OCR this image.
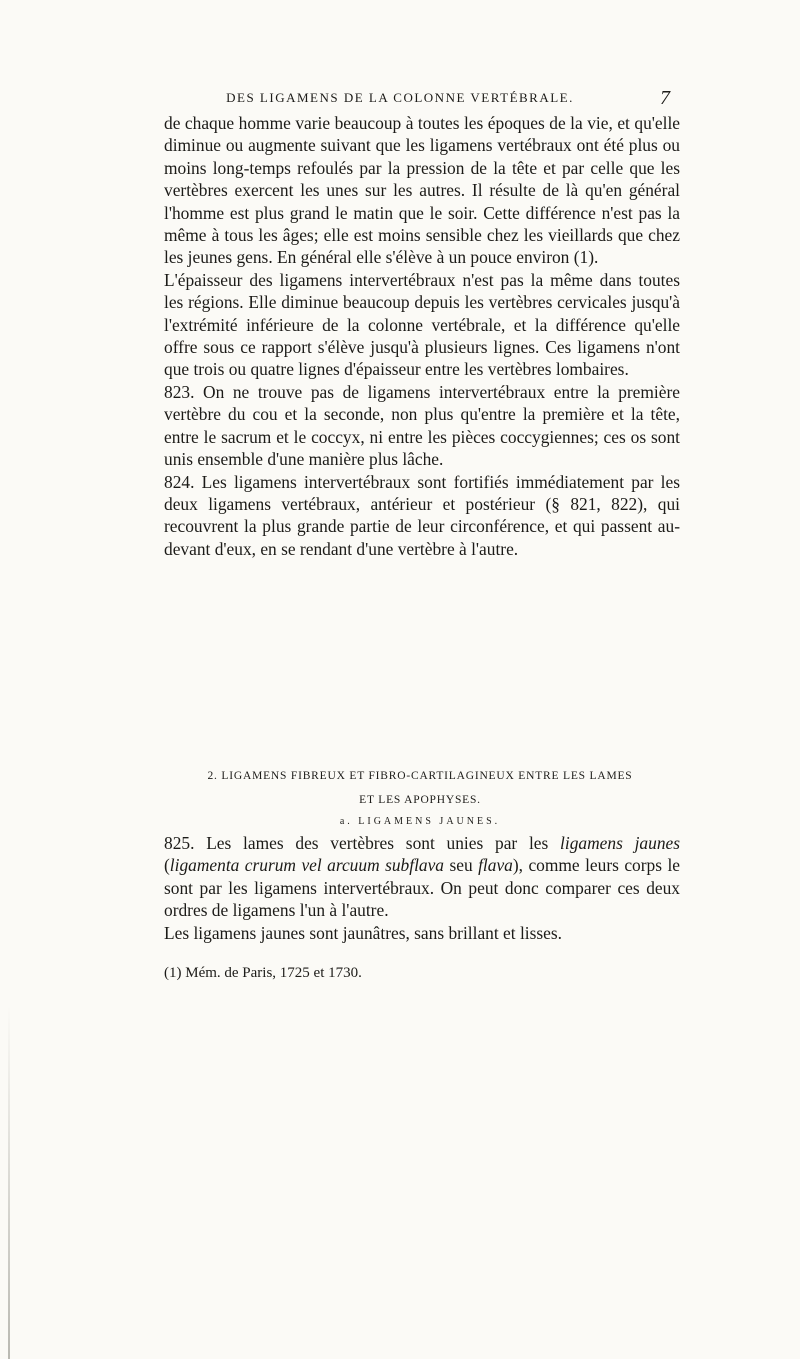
DES LIGAMENS DE LA COLONNE VERTÉBRALE.	7

de chaque homme varie beaucoup à toutes les époques de la vie, et qu'elle diminue ou augmente suivant que les ligamens vertébraux ont été plus ou moins long-temps refoulés par la pression de la tête et par celle que les vertèbres exercent les unes sur les autres. Il résulte de là qu'en général l'homme est plus grand le matin que le soir. Cette différence n'est pas la même à tous les âges; elle est moins sensible chez les vieillards que chez les jeunes gens. En général elle s'élève à un pouce environ (1).

L'épaisseur des ligamens intervertébraux n'est pas la même dans toutes les régions. Elle diminue beaucoup depuis les vertèbres cervicales jusqu'à l'extrémité inférieure de la colonne vertébrale, et la différence qu'elle offre sous ce rapport s'élève jusqu'à plusieurs lignes. Ces ligamens n'ont que trois ou quatre lignes d'épaisseur entre les vertèbres lombaires.

823. On ne trouve pas de ligamens intervertébraux entre la première vertèbre du cou et la seconde, non plus qu'entre la première et la tête, entre le sacrum et le coccyx, ni entre les pièces coccygiennes; ces os sont unis ensemble d'une manière plus lâche.

824. Les ligamens intervertébraux sont fortifiés immédiatement par les deux ligamens vertébraux, antérieur et postérieur (§ 821, 822), qui recouvrent la plus grande partie de leur circonférence, et qui passent au-devant d'eux, en se rendant d'une vertèbre à l'autre.

2. LIGAMENS FIBREUX ET FIBRO-CARTILAGINEUX ENTRE LES LAMES
ET LES APOPHYSES.
a. LIGAMENS JAUNES.

825. Les lames des vertèbres sont unies par les ligamens jaunes (ligamenta crurum vel arcuum subflava seu flava), comme leurs corps le sont par les ligamens intervertébraux. On peut donc comparer ces deux ordres de ligamens l'un à l'autre.

Les ligamens jaunes sont jaunâtres, sans brillant et lisses.

(1) Mém. de Paris, 1725 et 1730.
